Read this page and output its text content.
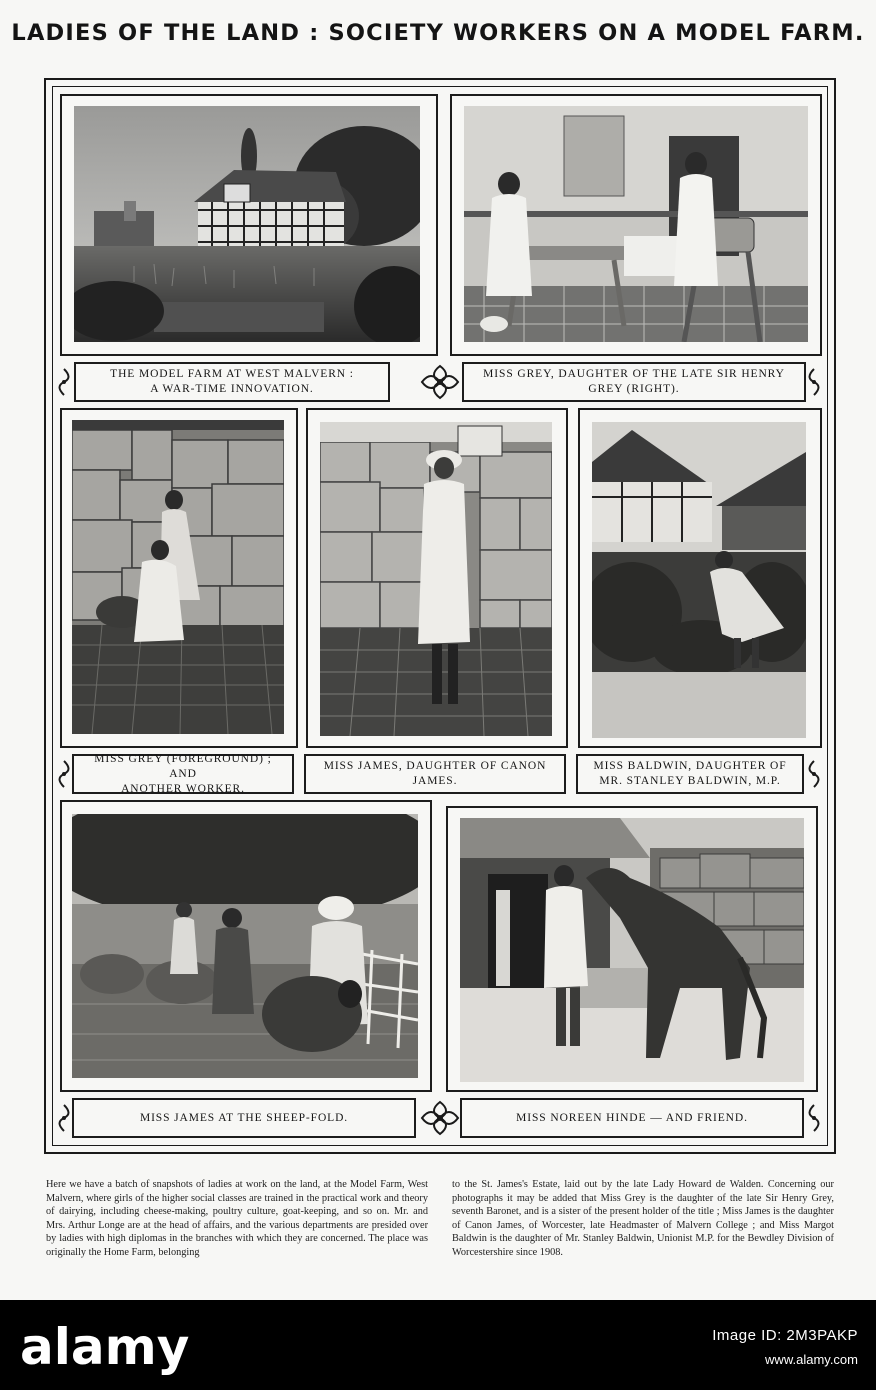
LADIES OF THE LAND : SOCIETY WORKERS ON A MODEL FARM.
THE MODEL FARM AT WEST MALVERN :
A WAR-TIME INNOVATION.
MISS GREY, DAUGHTER OF THE LATE SIR HENRY
GREY (RIGHT).
MISS GREY (FOREGROUND) ; AND
ANOTHER WORKER.
MISS JAMES, DAUGHTER OF CANON
JAMES.
MISS BALDWIN, DAUGHTER OF
MR. STANLEY BALDWIN, M.P.
MISS JAMES AT THE SHEEP-FOLD.	MISS NOREEN HINDE — AND FRIEND.
Here we have a batch of snapshots of ladies at work on the land, at the Model Farm, West Malvern, where girls of the higher social classes are trained in the practical work and theory of dairying, including cheese-making, poultry culture, goat-keeping, and so on. Mr. and Mrs. Arthur Longe are at the head of affairs, and the various departments are presided over by ladies with high diplomas in the branches with which they are concerned. The place was originally the Home Farm, belonging
to the St. James's Estate, laid out by the late Lady Howard de Walden. Concerning our photographs it may be added that Miss Grey is the daughter of the late Sir Henry Grey, seventh Baronet, and is a sister of the present holder of the title ; Miss James is the daughter of Canon James, of Worcester, late Headmaster of Malvern College ; and Miss Margot Baldwin is the daughter of Mr. Stanley Baldwin, Unionist M.P. for the Bewdley Division of Worcestershire since 1908.
alamy	Image ID: 2M3PAKP
www.alamy.com
